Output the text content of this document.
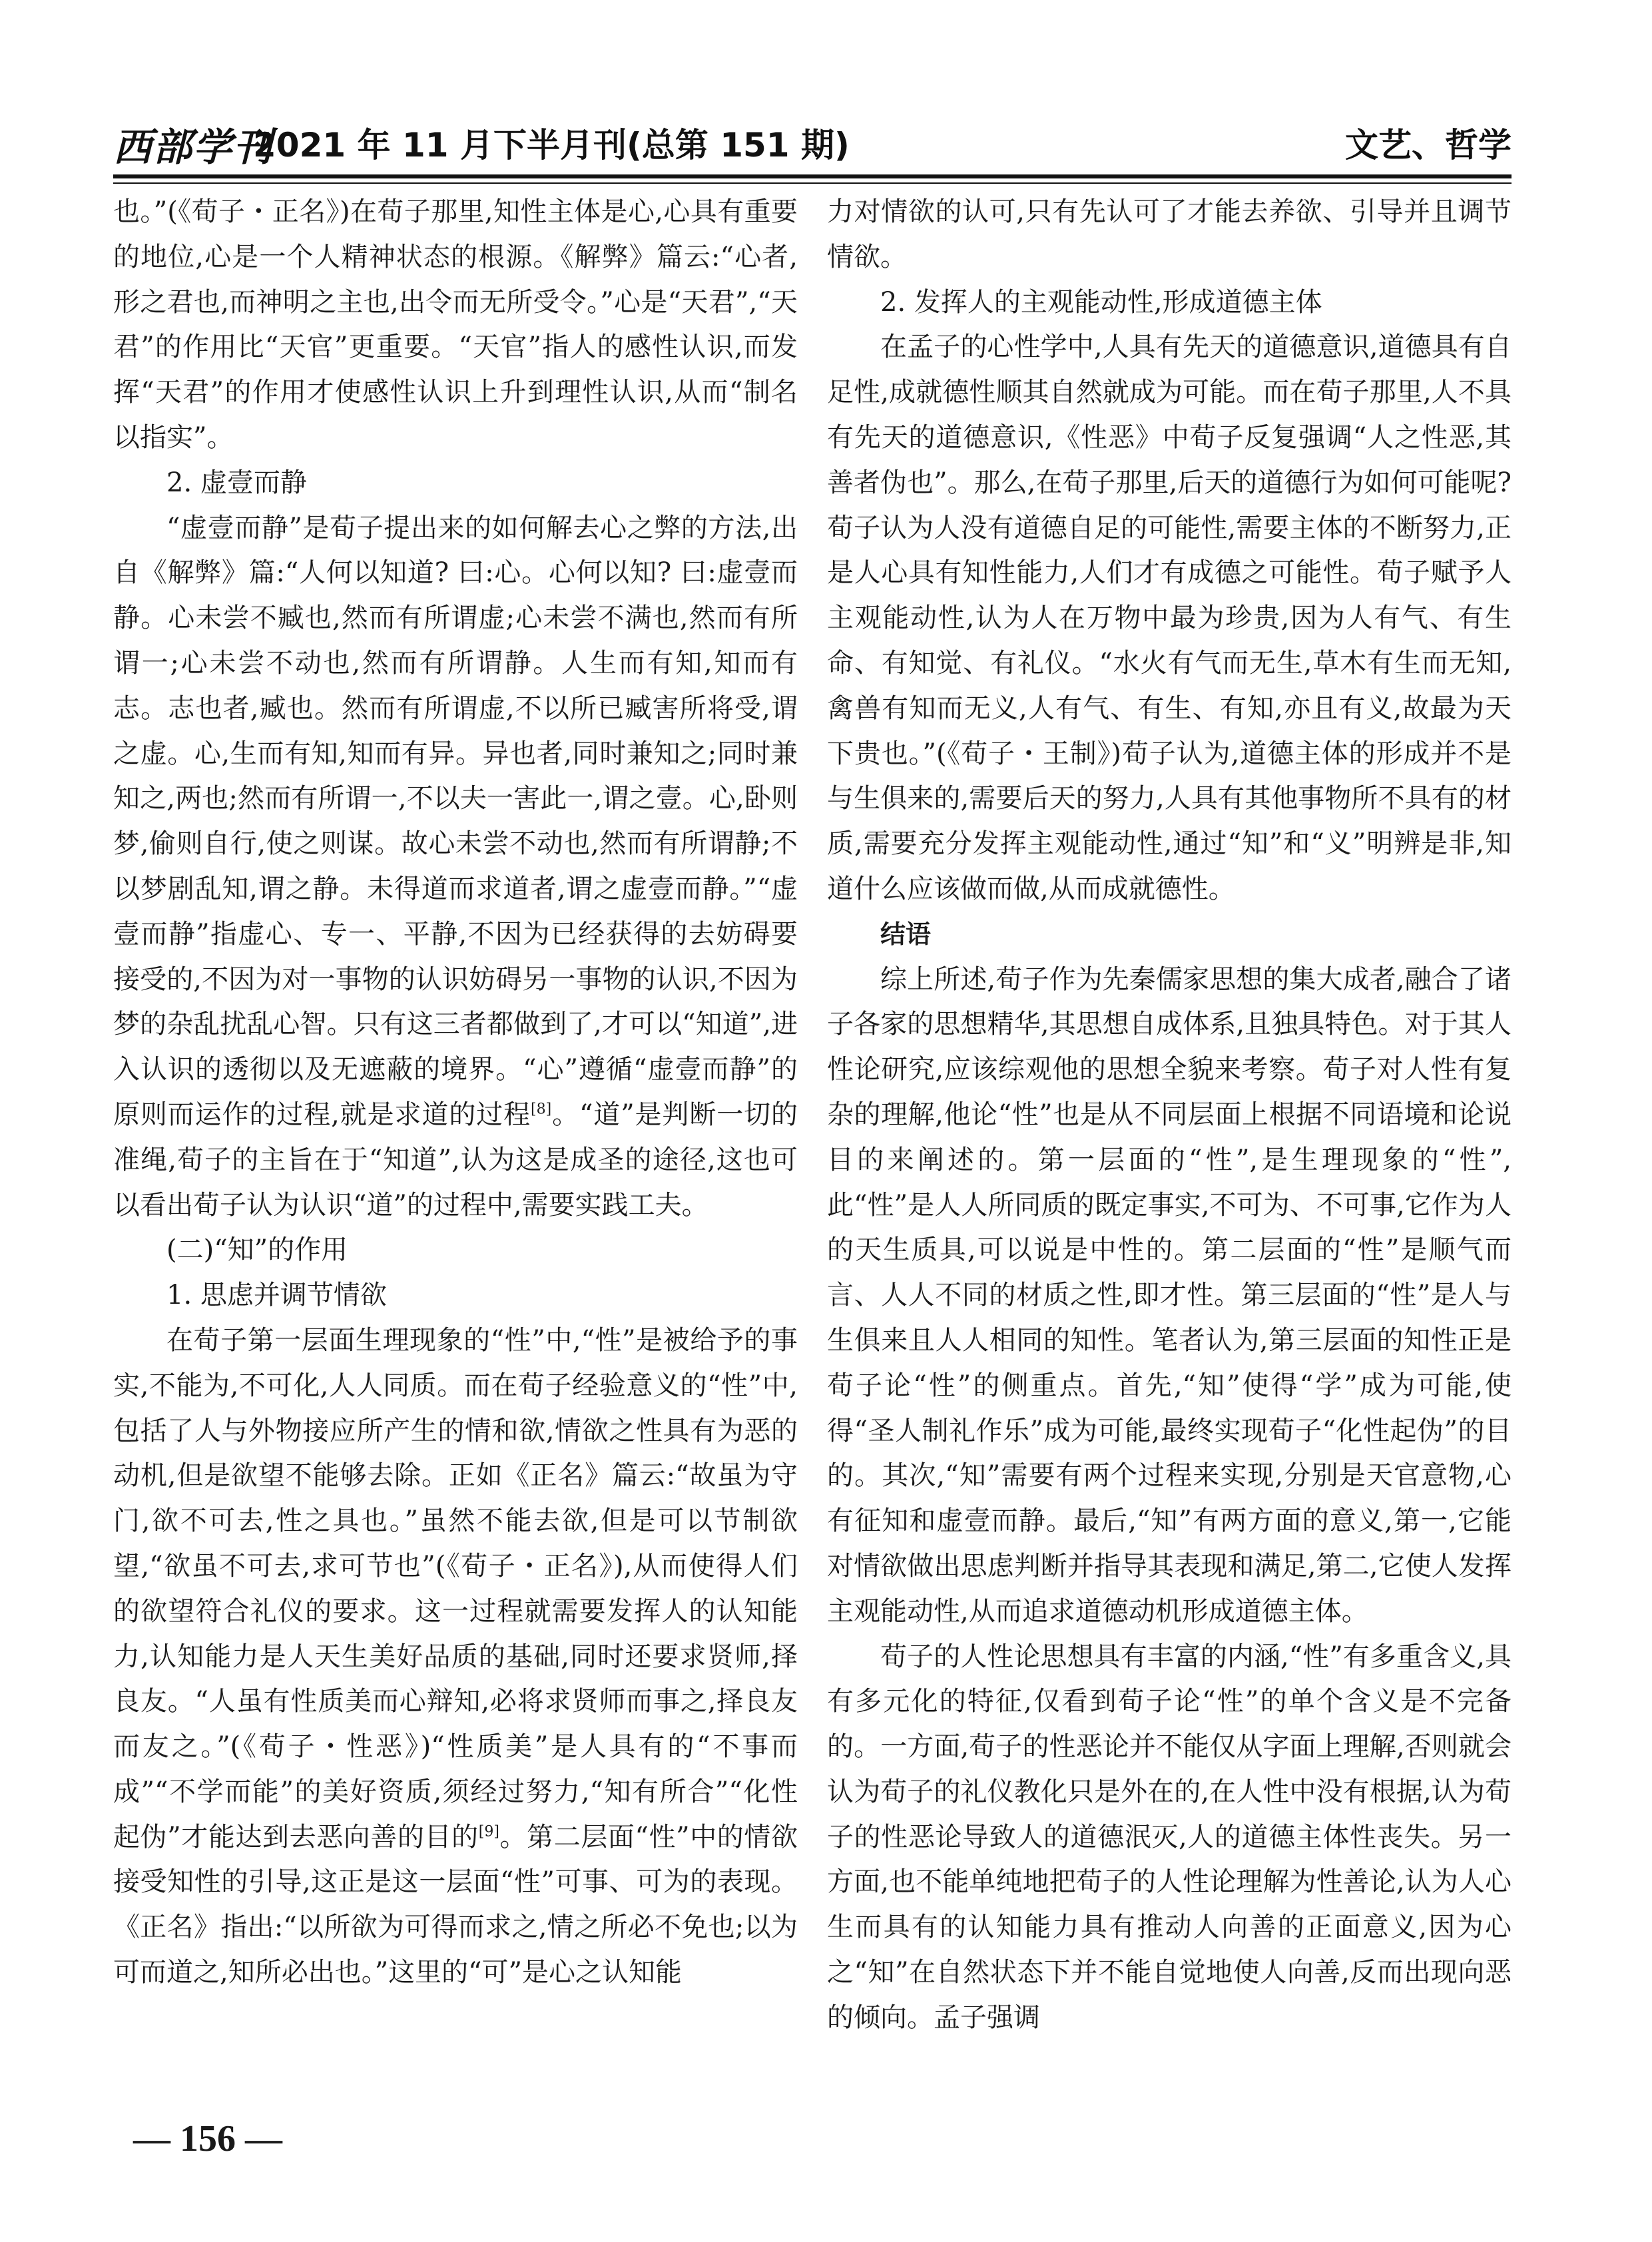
西部学刊
2021 年 11 月下半月刊(总第 151 期)	文艺、哲学

也。”(《荀子・正名》)在荀子那里,知性主体是心,心具有重要的地位,心是一个人精神状态的根源。《解弊》篇云:“心者,形之君也,而神明之主也,出令而无所受令。”心是“天君”,“天君”的作用比“天官”更重要。“天官”指人的感性认识,而发挥“天君”的作用才使感性认识上升到理性认识,从而“制名以指实”。

2. 虚壹而静

“虚壹而静”是荀子提出来的如何解去心之弊的方法,出自《解弊》篇:“人何以知道? 曰:心。心何以知? 曰:虚壹而静。心未尝不臧也,然而有所谓虚;心未尝不满也,然而有所谓一;心未尝不动也,然而有所谓静。人生而有知,知而有志。志也者,臧也。然而有所谓虚,不以所已臧害所将受,谓之虚。心,生而有知,知而有异。异也者,同时兼知之;同时兼知之,两也;然而有所谓一,不以夫一害此一,谓之壹。心,卧则梦,偷则自行,使之则谋。故心未尝不动也,然而有所谓静;不以梦剧乱知,谓之静。未得道而求道者,谓之虚壹而静。”“虚壹而静”指虚心、专一、平静,不因为已经获得的去妨碍要接受的,不因为对一事物的认识妨碍另一事物的认识,不因为梦的杂乱扰乱心智。只有这三者都做到了,才可以“知道”,进入认识的透彻以及无遮蔽的境界。“心”遵循“虚壹而静”的原则而运作的过程,就是求道的过程[8]。“道”是判断一切的准绳,荀子的主旨在于“知道”,认为这是成圣的途径,这也可以看出荀子认为认识“道”的过程中,需要实践工夫。

(二)“知”的作用

1. 思虑并调节情欲

在荀子第一层面生理现象的“性”中,“性”是被给予的事实,不能为,不可化,人人同质。而在荀子经验意义的“性”中,包括了人与外物接应所产生的情和欲,情欲之性具有为恶的动机,但是欲望不能够去除。正如《正名》篇云:“故虽为守门,欲不可去,性之具也。”虽然不能去欲,但是可以节制欲望,“欲虽不可去,求可节也”(《荀子・正名》),从而使得人们的欲望符合礼仪的要求。这一过程就需要发挥人的认知能力,认知能力是人天生美好品质的基础,同时还要求贤师,择良友。“人虽有性质美而心辩知,必将求贤师而事之,择良友而友之。”(《荀子・性恶》)“性质美”是人具有的“不事而成”“不学而能”的美好资质,须经过努力,“知有所合”“化性起伪”才能达到去恶向善的目的[9]。第二层面“性”中的情欲接受知性的引导,这正是这一层面“性”可事、可为的表现。《正名》指出:“以所欲为可得而求之,情之所必不免也;以为可而道之,知所必出也。”这里的“可”是心之认知能

力对情欲的认可,只有先认可了才能去养欲、引导并且调节情欲。

2. 发挥人的主观能动性,形成道德主体

在孟子的心性学中,人具有先天的道德意识,道德具有自足性,成就德性顺其自然就成为可能。而在荀子那里,人不具有先天的道德意识,《性恶》中荀子反复强调“人之性恶,其善者伪也”。那么,在荀子那里,后天的道德行为如何可能呢? 荀子认为人没有道德自足的可能性,需要主体的不断努力,正是人心具有知性能力,人们才有成德之可能性。荀子赋予人主观能动性,认为人在万物中最为珍贵,因为人有气、有生命、有知觉、有礼仪。“水火有气而无生,草木有生而无知,禽兽有知而无义,人有气、有生、有知,亦且有义,故最为天下贵也。”(《荀子・王制》)荀子认为,道德主体的形成并不是与生俱来的,需要后天的努力,人具有其他事物所不具有的材质,需要充分发挥主观能动性,通过“知”和“义”明辨是非,知道什么应该做而做,从而成就德性。

结语

综上所述,荀子作为先秦儒家思想的集大成者,融合了诸子各家的思想精华,其思想自成体系,且独具特色。对于其人性论研究,应该综观他的思想全貌来考察。荀子对人性有复杂的理解,他论“性”也是从不同层面上根据不同语境和论说目的来阐述的。第一层面的“性”,是生理现象的“性”,此“性”是人人所同质的既定事实,不可为、不可事,它作为人的天生质具,可以说是中性的。第二层面的“性”是顺气而言、人人不同的材质之性,即才性。第三层面的“性”是人与生俱来且人人相同的知性。笔者认为,第三层面的知性正是荀子论“性”的侧重点。首先,“知”使得“学”成为可能,使得“圣人制礼作乐”成为可能,最终实现荀子“化性起伪”的目的。其次,“知”需要有两个过程来实现,分别是天官意物,心有征知和虚壹而静。最后,“知”有两方面的意义,第一,它能对情欲做出思虑判断并指导其表现和满足,第二,它使人发挥主观能动性,从而追求道德动机形成道德主体。

荀子的人性论思想具有丰富的内涵,“性”有多重含义,具有多元化的特征,仅看到荀子论“性”的单个含义是不完备的。一方面,荀子的性恶论并不能仅从字面上理解,否则就会认为荀子的礼仪教化只是外在的,在人性中没有根据,认为荀子的性恶论导致人的道德泯灭,人的道德主体性丧失。另一方面,也不能单纯地把荀子的人性论理解为性善论,认为人心生而具有的认知能力具有推动人向善的正面意义,因为心之“知”在自然状态下并不能自觉地使人向善,反而出现向恶的倾向。孟子强调

— 156 —
